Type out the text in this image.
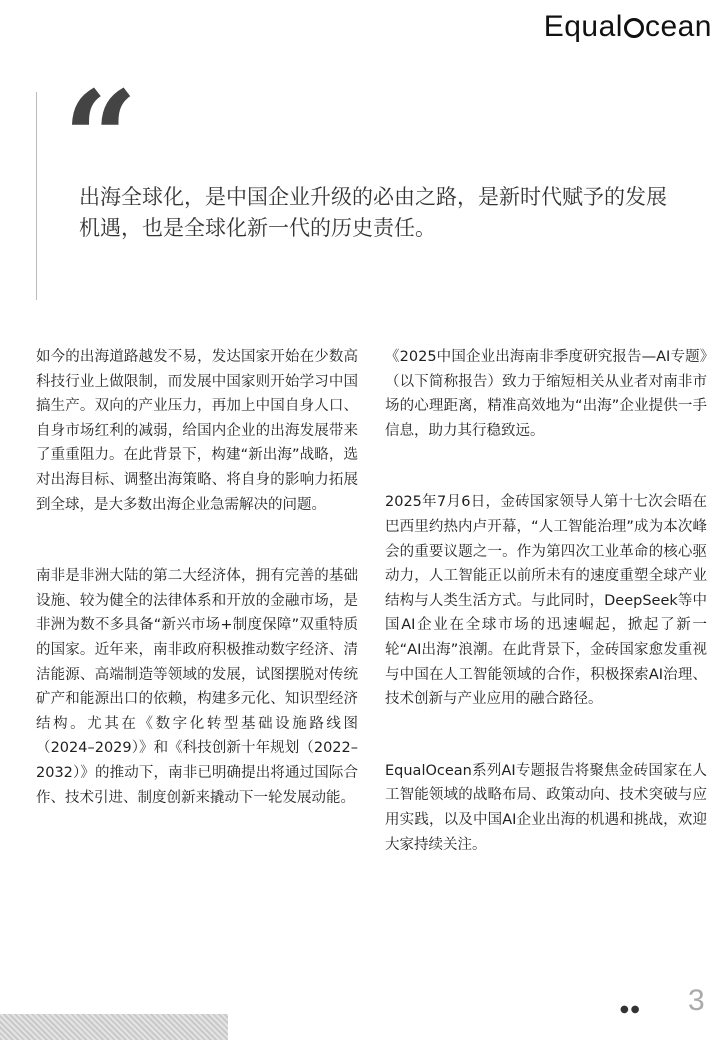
Equal cean
“

出海全球化，是中国企业升级的必由之路，是新时代赋予的发展机遇，也是全球化新一代的历史责任。

如今的出海道路越发不易，发达国家开始在少数高科技行业上做限制，而发展中国家则开始学习中国搞生产。双向的产业压力，再加上中国自身人口、自身市场红利的减弱，给国内企业的出海发展带来了重重阻力。在此背景下，构建“新出海”战略，选对出海目标、调整出海策略、将自身的影响力拓展到全球，是大多数出海企业急需解决的问题。

南非是非洲大陆的第二大经济体，拥有完善的基础设施、较为健全的法律体系和开放的金融市场，是非洲为数不多具备“新兴市场+制度保障”双重特质的国家。近年来，南非政府积极推动数字经济、清洁能源、高端制造等领域的发展，试图摆脱对传统矿产和能源出口的依赖，构建多元化、知识型经济结构。尤其在《数字化转型基础设施路线图（2024–2029）》和《科技创新十年规划（2022–2032）》的推动下，南非已明确提出将通过国际合作、技术引进、制度创新来撬动下一轮发展动能。

《2025中国企业出海南非季度研究报告—AI专题》（以下简称报告）致力于缩短相关从业者对南非市场的心理距离，精准高效地为“出海”企业提供一手信息，助力其行稳致远。

2025年7月6日，金砖国家领导人第十七次会晤在巴西里约热内卢开幕，“人工智能治理”成为本次峰会的重要议题之一。作为第四次工业革命的核心驱动力，人工智能正以前所未有的速度重塑全球产业结构与人类生活方式。与此同时，DeepSeek等中国AI企业在全球市场的迅速崛起，掀起了新一轮“AI出海”浪潮。在此背景下，金砖国家愈发重视与中国在人工智能领域的合作，积极探索AI治理、技术创新与产业应用的融合路径。

EqualOcean系列AI专题报告将聚焦金砖国家在人工智能领域的战略布局、政策动向、技术突破与应用实践，以及中国AI企业出海的机遇和挑战，欢迎大家持续关注。

●● 3
